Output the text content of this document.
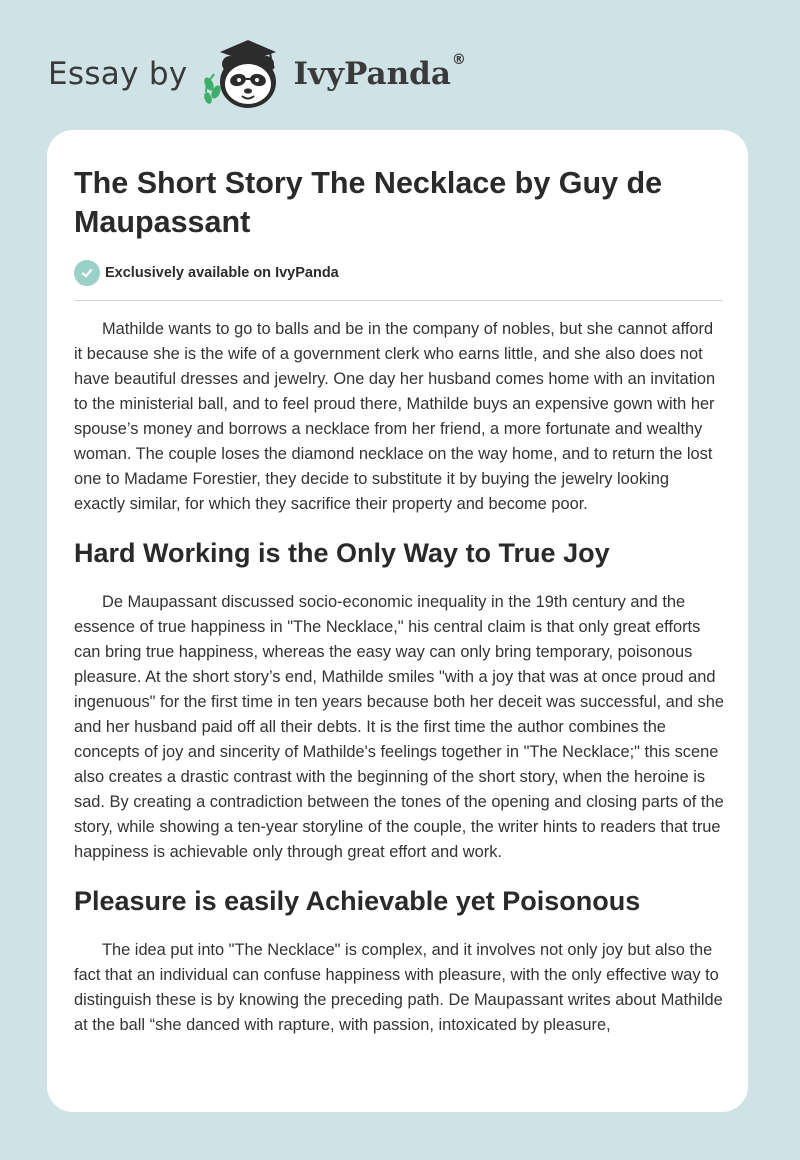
Essay by	IvyPanda ®
The Short Story The Necklace by Guy de Maupassant
Exclusively available on IvyPanda

Mathilde wants to go to balls and be in the company of nobles, but she cannot afford it because she is the wife of a government clerk who earns little, and she also does not have beautiful dresses and jewelry. One day her husband comes home with an invitation to the ministerial ball, and to feel proud there, Mathilde buys an expensive gown with her spouse’s money and borrows a necklace from her friend, a more fortunate and wealthy woman. The couple loses the diamond necklace on the way home, and to return the lost one to Madame Forestier, they decide to substitute it by buying the jewelry looking exactly similar, for which they sacrifice their property and become poor.

Hard Working is the Only Way to True Joy

De Maupassant discussed socio-economic inequality in the 19th century and the essence of true happiness in "The Necklace," his central claim is that only great efforts can bring true happiness, whereas the easy way can only bring temporary, poisonous pleasure. At the short story’s end, Mathilde smiles "with a joy that was at once proud and ingenuous" for the first time in ten years because both her deceit was successful, and she and her husband paid off all their debts. It is the first time the author combines the concepts of joy and sincerity of Mathilde's feelings together in "The Necklace;" this scene also creates a drastic contrast with the beginning of the short story, when the heroine is sad. By creating a contradiction between the tones of the opening and closing parts of the story, while showing a ten-year storyline of the couple, the writer hints to readers that true happiness is achievable only through great effort and work.

Pleasure is easily Achievable yet Poisonous

The idea put into "The Necklace" is complex, and it involves not only joy but also the fact that an individual can confuse happiness with pleasure, with the only effective way to distinguish these is by knowing the preceding path. De Maupassant writes about Mathilde at the ball “she danced with rapture, with passion, intoxicated by pleasure,
